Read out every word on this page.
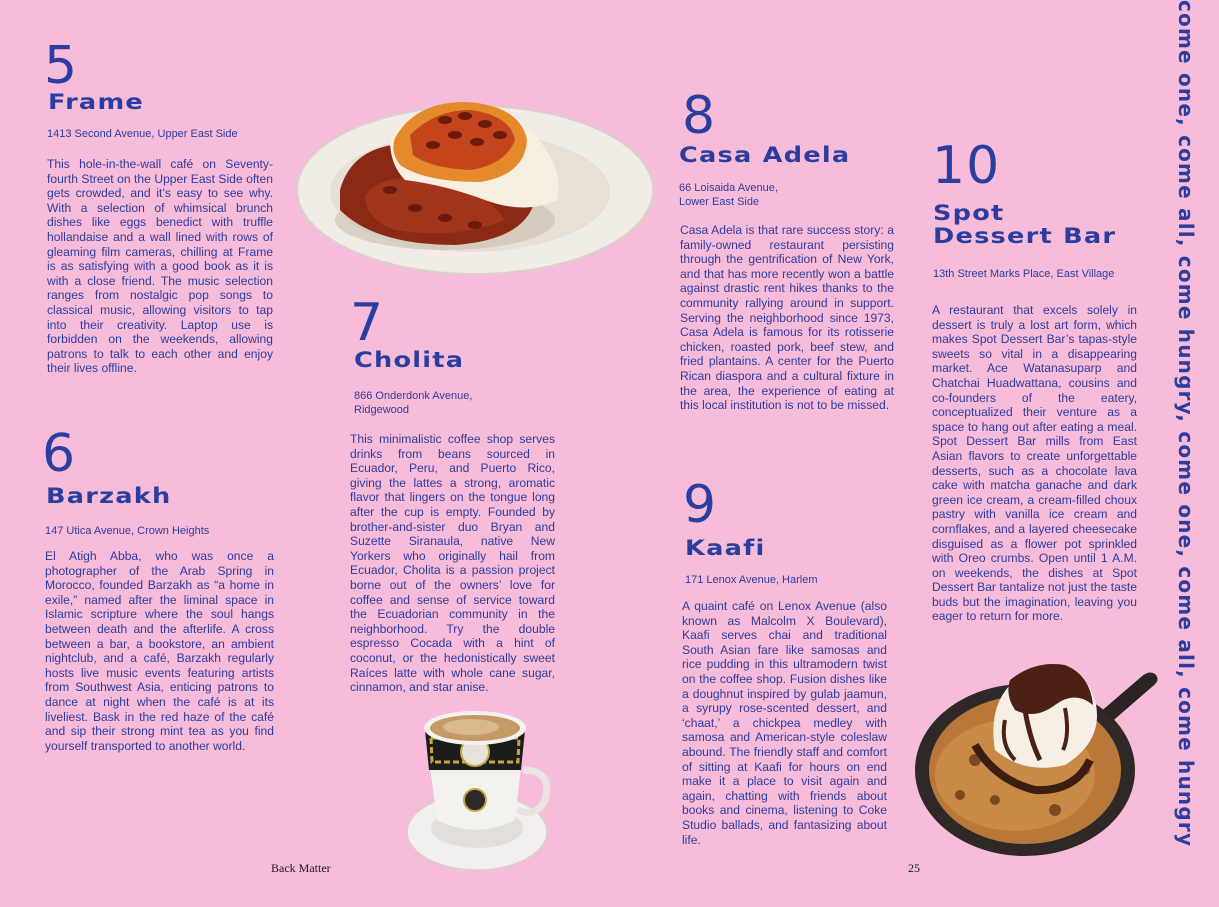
5
Frame
1413 Second Avenue, Upper East Side

This hole-in-the-wall café on Seventy-fourth Street on the Upper East Side often gets crowded, and it’s easy to see why. With a selection of whimsical brunch dishes like eggs benedict with truffle hollandaise and a wall lined with rows of gleaming film cameras, chilling at Frame is as satisfying with a good book as it is with a close friend. The music selection ranges from nostalgic pop songs to classical music, allowing visitors to tap into their creativity. Laptop use is forbidden on the weekends, allowing patrons to talk to each other and enjoy their lives offline.

6
Barzakh
147 Utica Avenue, Crown Heights

El Atigh Abba, who was once a photographer of the Arab Spring in Morocco, founded Barzakh as “a home in exile,” named after the liminal space in Islamic scripture where the soul hangs between death and the afterlife. A cross between a bar, a bookstore, an ambient nightclub, and a café, Barzakh regularly hosts live music events featuring artists from Southwest Asia, enticing patrons to dance at night when the café is at its liveliest. Bask in the red haze of the café and sip their strong mint tea as you find yourself transported to another world.

7
Cholita
866 Onderdonk Avenue,
Ridgewood

This minimalistic coffee shop serves drinks from beans sourced in Ecuador, Peru, and Puerto Rico, giving the lattes a strong, aromatic flavor that lingers on the tongue long after the cup is empty. Founded by brother-and-sister duo Bryan and Suzette Siranaula, native New Yorkers who originally hail from Ecuador, Cholita is a passion project borne out of the owners’ love for coffee and sense of service toward the Ecuadorian community in the neighborhood. Try the double espresso Cocada with a hint of coconut, or the hedonistically sweet Raíces latte with whole cane sugar, cinnamon, and star anise.

8
Casa Adela
66 Loisaida Avenue,
Lower East Side

Casa Adela is that rare success story: a family-owned restaurant persisting through the gentrification of New York, and that has more recently won a battle against drastic rent hikes thanks to the community rallying around in support. Serving the neighborhood since 1973, Casa Adela is famous for its rotisserie chicken, roasted pork, beef stew, and fried plantains. A center for the Puerto Rican diaspora and a cultural fixture in the area, the experience of eating at this local institution is not to be missed.

9
Kaafi
171 Lenox Avenue, Harlem

A quaint café on Lenox Avenue (also known as Malcolm X Boulevard), Kaafi serves chai and traditional South Asian fare like samosas and rice pudding in this ultramodern twist on the coffee shop. Fusion dishes like a doughnut inspired by gulab jaamun, a syrupy rose-scented dessert, and ‘chaat,’ a chickpea medley with samosa and American-style coleslaw abound. The friendly staff and comfort of sitting at Kaafi for hours on end make it a place to visit again and again, chatting with friends about books and cinema, listening to Coke Studio ballads, and fantasizing about life.

10
Spot
Dessert Bar
13th Street Marks Place, East Village

A restaurant that excels solely in dessert is truly a lost art form, which makes Spot Dessert Bar’s tapas-style sweets so vital in a disappearing market. Ace Watanasuparp and Chatchai Huadwattana, cousins and co-founders of the eatery, conceptualized their venture as a space to hang out after eating a meal. Spot Dessert Bar mills from East Asian flavors to create unforgettable desserts, such as a chocolate lava cake with matcha ganache and dark green ice cream, a cream-filled choux pastry with vanilla ice cream and cornflakes, and a layered cheesecake disguised as a flower pot sprinkled with Oreo crumbs. Open until 1 A.M. on weekends, the dishes at Spot Dessert Bar tantalize not just the taste buds but the imagination, leaving you eager to return for more.	come one, come all, come hungry, come one, come all, come hungry
Back Matter	25
